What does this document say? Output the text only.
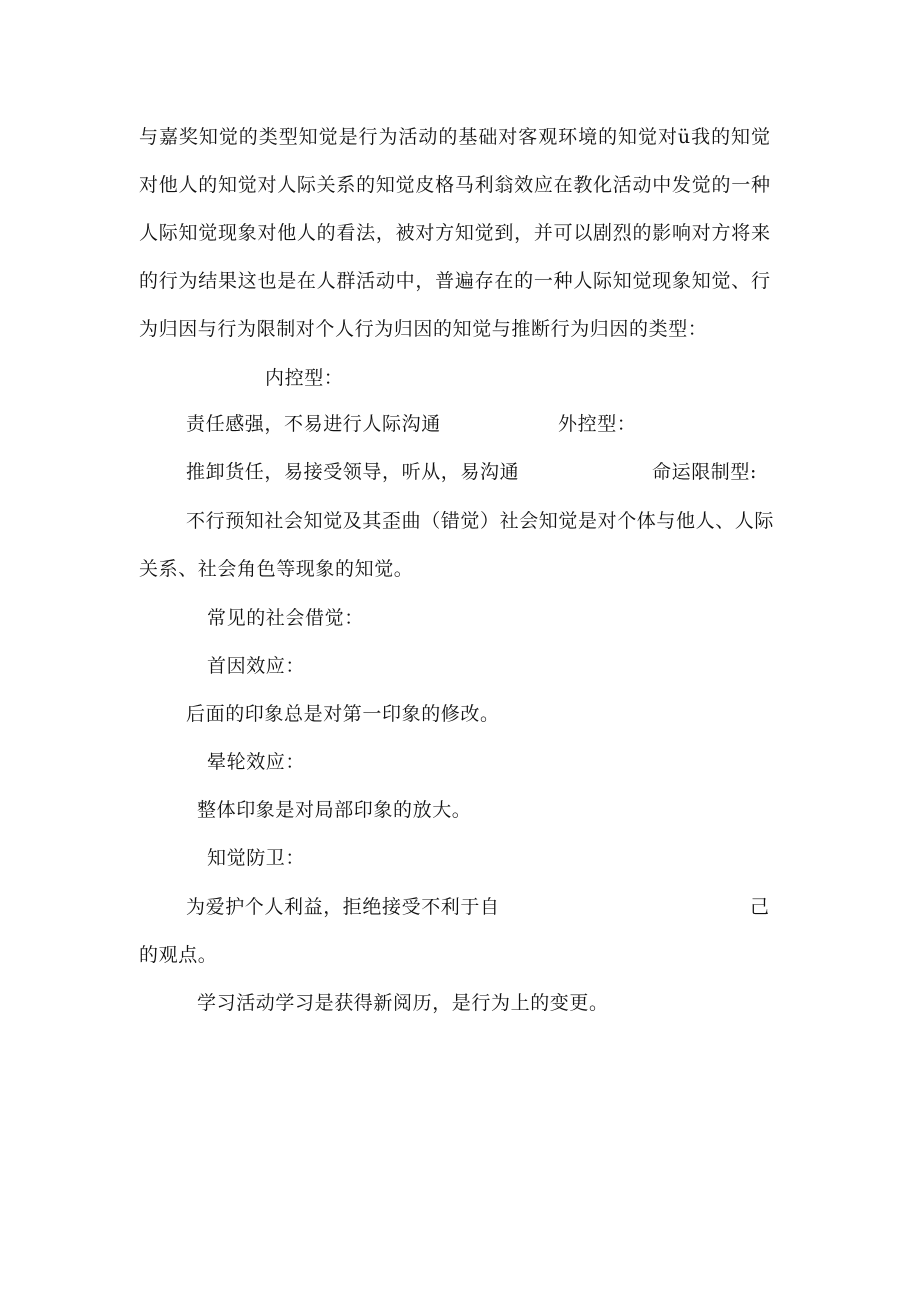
与嘉奖知觉的类型知觉是行为活动的基础对客观环境的知觉对ü我的知觉
对他人的知觉对人际关系的知觉皮格马利翁效应在教化活动中发觉的一种
人际知觉现象对他人的看法，被对方知觉到，并可以剧烈的影响对方将来
的行为结果这也是在人群活动中，普遍存在的一种人际知觉现象知觉、行
为归因与行为限制对个人行为归因的知觉与推断行为归因的类型：
内控型：
责任感强，不易进行人际沟通	外控型：
推卸货任，易接受领导，听从，易沟通	命运限制型:
不行预知社会知觉及其歪曲（错觉）社会知觉是对个体与他人、人际
关系、社会角色等现象的知觉。
常见的社会借觉：
首因效应：
后面的印象总是对第一印象的修改。
晕轮效应：
整体印象是对局部印象的放大。
知觉防卫：
为爱护个人利益，拒绝接受不利于自	己
的观点。
学习活动学习是获得新阅历，是行为上的变更。
